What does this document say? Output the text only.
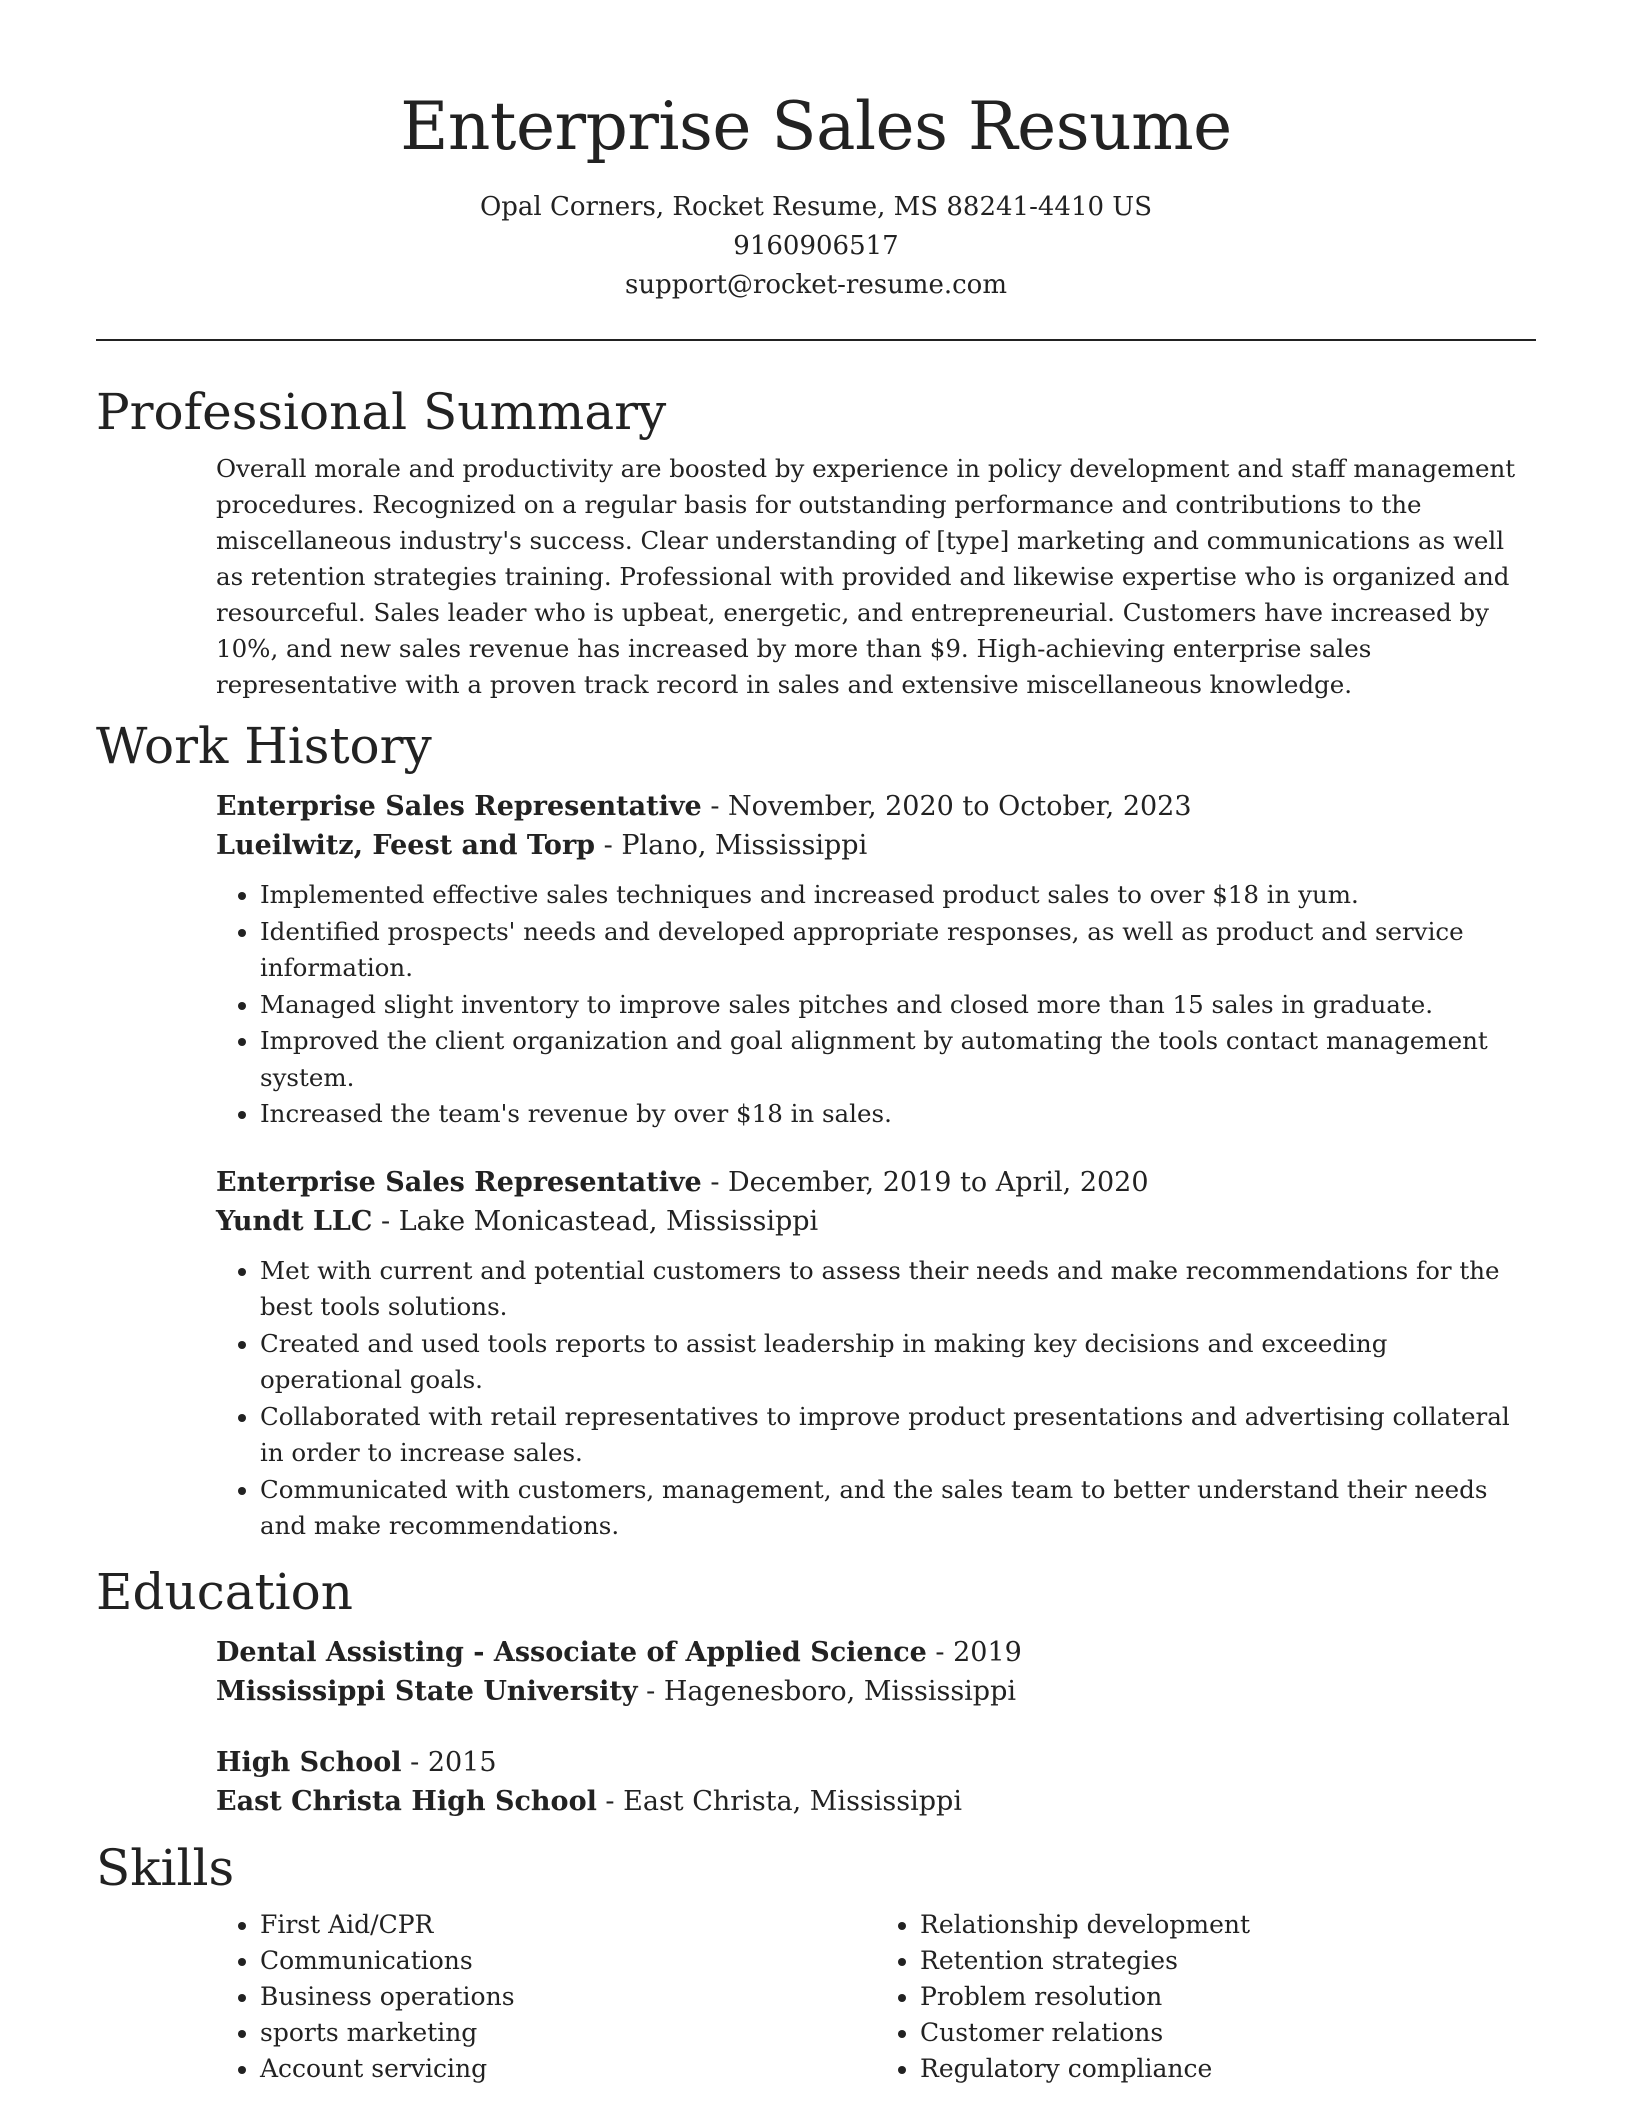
Enterprise Sales Resume
Opal Corners, Rocket Resume, MS 88241-4410 US
9160906517
support@rocket-resume.com
Professional Summary

Overall morale and productivity are boosted by experience in policy development and staff management procedures. Recognized on a regular basis for outstanding performance and contributions to the miscellaneous industry's success. Clear understanding of [type] marketing and communications as well as retention strategies training. Professional with provided and likewise expertise who is organized and resourceful. Sales leader who is upbeat, energetic, and entrepreneurial. Customers have increased by 10%, and new sales revenue has increased by more than $9. High-achieving enterprise sales representative with a proven track record in sales and extensive miscellaneous knowledge.

Work History
Enterprise Sales Representative - November, 2020 to October, 2023
Lueilwitz, Feest and Torp - Plano, Mississippi
• Implemented effective sales techniques and increased product sales to over $18 in yum.
• Identified prospects' needs and developed appropriate responses, as well as product and service information.
• Managed slight inventory to improve sales pitches and closed more than 15 sales in graduate.
• Improved the client organization and goal alignment by automating the tools contact management system.
• Increased the team's revenue by over $18 in sales.
Enterprise Sales Representative - December, 2019 to April, 2020
Yundt LLC - Lake Monicastead, Mississippi
• Met with current and potential customers to assess their needs and make recommendations for the best tools solutions.
• Created and used tools reports to assist leadership in making key decisions and exceeding operational goals.
• Collaborated with retail representatives to improve product presentations and advertising collateral in order to increase sales.
• Communicated with customers, management, and the sales team to better understand their needs and make recommendations.
Education
Dental Assisting - Associate of Applied Science - 2019
Mississippi State University - Hagenesboro, Mississippi
High School - 2015
East Christa High School - East Christa, Mississippi
Skills
• First Aid/CPR
• Communications
• Business operations
• sports marketing
• Account servicing
• Relationship development
• Retention strategies
• Problem resolution
• Customer relations
• Regulatory compliance
